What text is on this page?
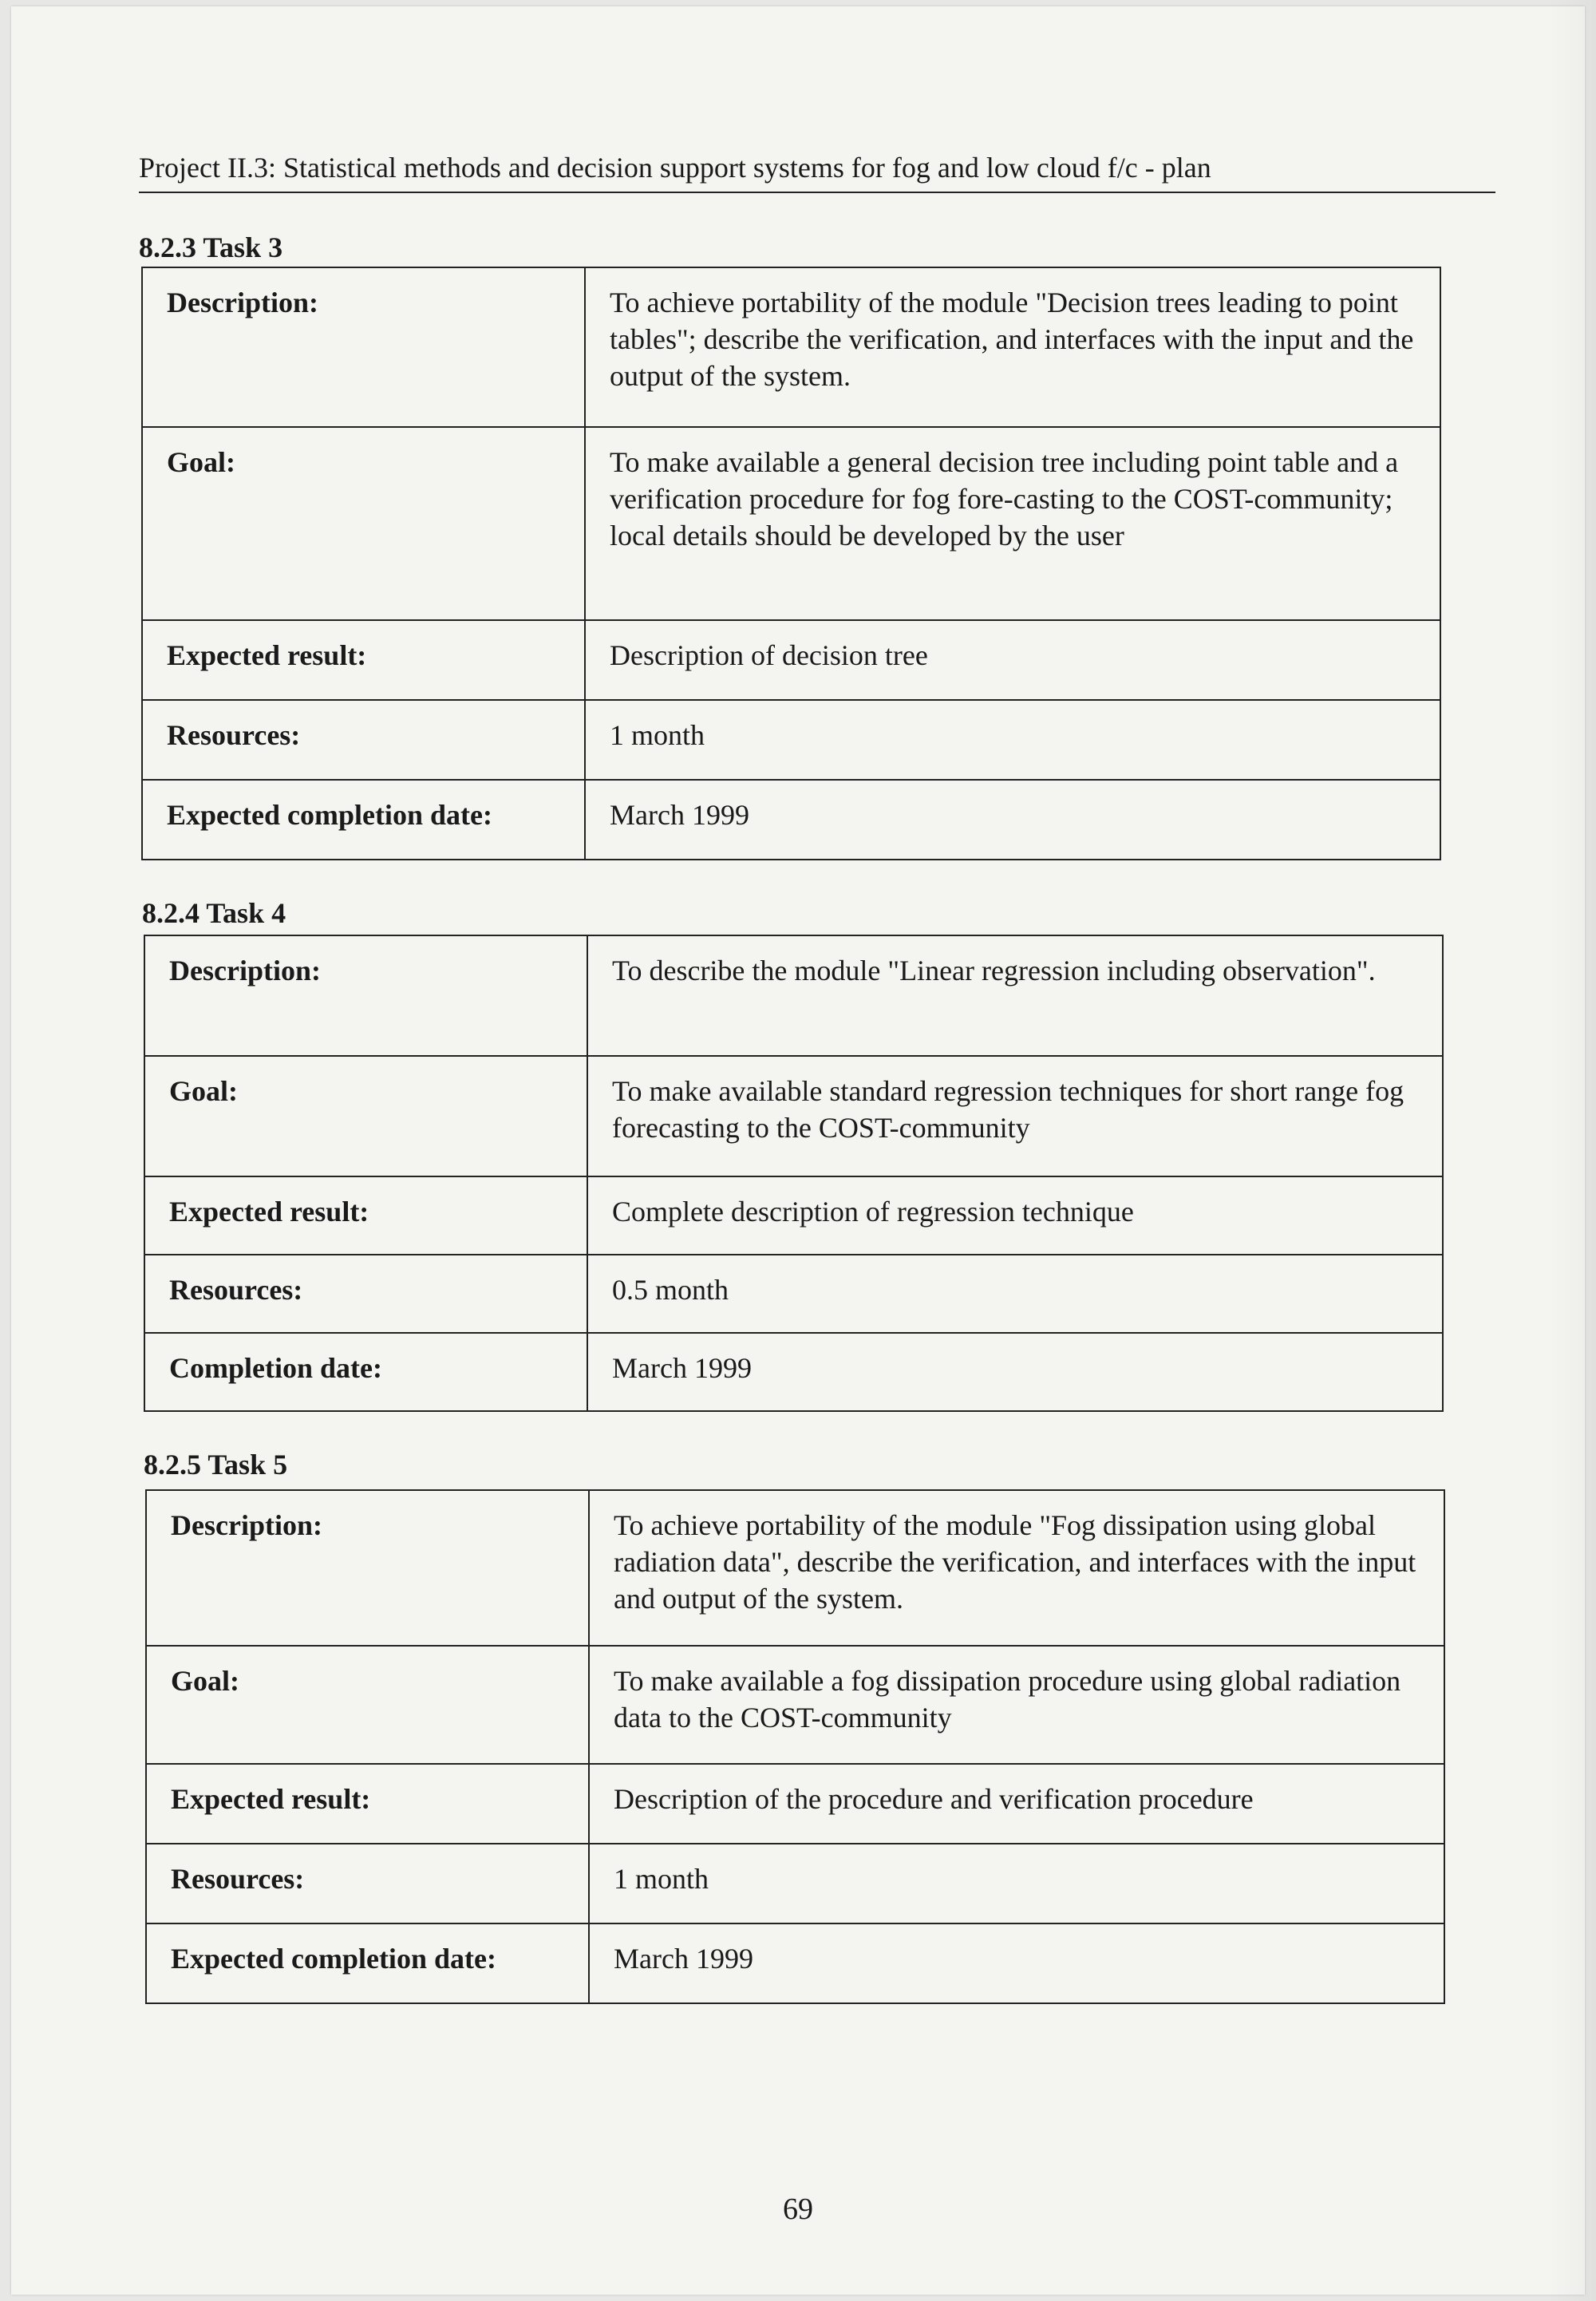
Project II.3: Statistical methods and decision support systems for fog and low cloud f/c - plan
8.2.3 Task 3
Description:	To achieve portability of the module "Decision trees leading to point tables"; describe the verification, and interfaces with the input and the output of the system.

Goal:	To make available a general decision tree including point table and a verification procedure for fog fore-casting to the COST-community; local details should be developed by the user

Expected result:	Description of decision tree

Resources:	1 month

Expected completion date:	March 1999
8.2.4 Task 4
Description:	To describe the module "Linear regression including observation".

Goal:	To make available standard regression techniques for short range fog forecasting to the COST-community

Expected result:	Complete description of regression technique

Resources:	0.5 month

Completion date:	March 1999
8.2.5 Task 5
Description:	To achieve portability of the module "Fog dissipation using global radiation data", describe the verification, and interfaces with the input and output of the system.

Goal:	To make available a fog dissipation procedure using global radiation data to the COST-community

Expected result:	Description of the procedure and verification procedure

Resources:	1 month

Expected completion date:	March 1999
69
